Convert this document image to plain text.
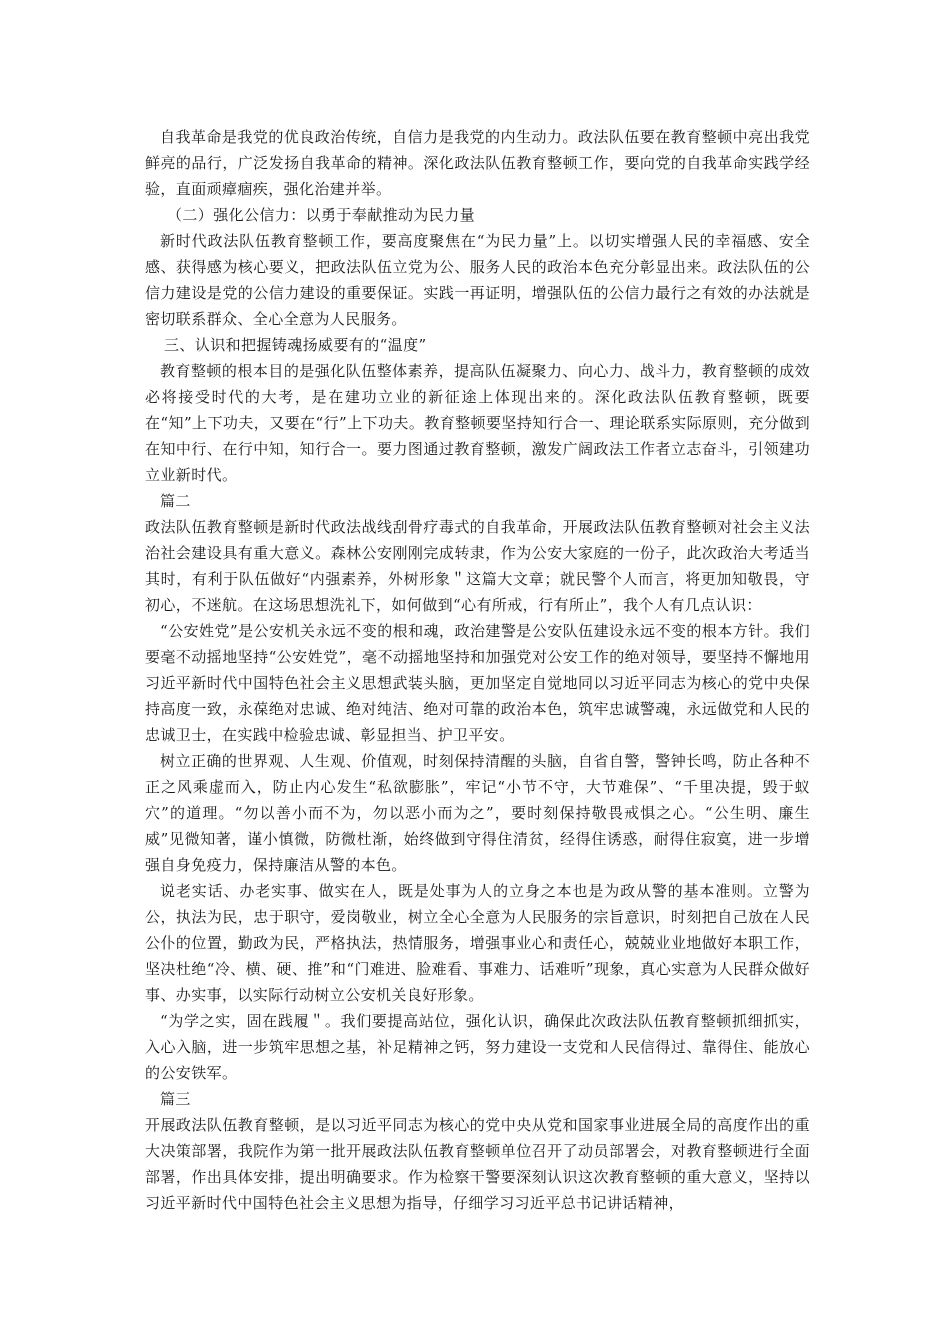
自我革命是我党的优良政治传统，自信力是我党的内生动力。政法队伍要在教育整顿中亮出我党鲜亮的品行，广泛发扬自我革命的精神。深化政法队伍教育整顿工作，要向党的自我革命实践学经验，直面顽瘴痼疾，强化治建并举。

（二）强化公信力：以勇于奉献推动为民力量

新时代政法队伍教育整顿工作，要高度聚焦在“为民力量”上。以切实增强人民的幸福感、安全感、获得感为核心要义，把政法队伍立党为公、服务人民的政治本色充分彰显出来。政法队伍的公信力建设是党的公信力建设的重要保证。实践一再证明，增强队伍的公信力最行之有效的办法就是密切联系群众、全心全意为人民服务。

三、认识和把握铸魂扬威要有的“温度”

教育整顿的根本目的是强化队伍整体素养，提高队伍凝聚力、向心力、战斗力，教育整顿的成效必将接受时代的大考，是在建功立业的新征途上体现出来的。深化政法队伍教育整顿，既要在“知”上下功夫，又要在“行”上下功夫。教育整顿要坚持知行合一、理论联系实际原则，充分做到在知中行、在行中知，知行合一。要力图通过教育整顿，激发广阔政法工作者立志奋斗，引领建功立业新时代。

篇二

政法队伍教育整顿是新时代政法战线刮骨疗毒式的自我革命，开展政法队伍教育整顿对社会主义法治社会建设具有重大意义。森林公安刚刚完成转隶，作为公安大家庭的一份子，此次政治大考适当其时，有利于队伍做好“内强素养，外树形象＂这篇大文章；就民警个人而言，将更加知敬畏，守初心，不迷航。在这场思想洗礼下，如何做到“心有所戒，行有所止”，我个人有几点认识：

“公安姓党”是公安机关永远不变的根和魂，政治建警是公安队伍建设永远不变的根本方针。我们要毫不动摇地坚持“公安姓党”，毫不动摇地坚持和加强党对公安工作的绝对领导，要坚持不懈地用习近平新时代中国特色社会主义思想武装头脑，更加坚定自觉地同以习近平同志为核心的党中央保持高度一致，永葆绝对忠诚、绝对纯洁、绝对可靠的政治本色，筑牢忠诚警魂，永远做党和人民的忠诚卫士，在实践中检验忠诚、彰显担当、护卫平安。

树立正确的世界观、人生观、价值观，时刻保持清醒的头脑，自省自警，警钟长鸣，防止各种不正之风乘虚而入，防止内心发生“私欲膨胀”，牢记“小节不守，大节难保”、“千里决提，毁于蚁穴”的道理。“勿以善小而不为，勿以恶小而为之”，要时刻保持敬畏戒惧之心。“公生明、廉生威”见微知著，谨小慎微，防微杜渐，始终做到守得住清贫，经得住诱惑，耐得住寂寞，进一步增强自身免疫力，保持廉洁从警的本色。

说老实话、办老实事、做实在人，既是处事为人的立身之本也是为政从警的基本准则。立警为公，执法为民，忠于职守，爱岗敬业，树立全心全意为人民服务的宗旨意识，时刻把自己放在人民公仆的位置，勤政为民，严格执法，热情服务，增强事业心和责任心，兢兢业业地做好本职工作，坚决杜绝“冷、横、硬、推”和“门难进、脸难看、事难力、话难听”现象，真心实意为人民群众做好事、办实事，以实际行动树立公安机关良好形象。

“为学之实，固在践履＂。我们要提高站位，强化认识，确保此次政法队伍教育整顿抓细抓实，入心入脑，进一步筑牢思想之基，补足精神之钙，努力建设一支党和人民信得过、靠得住、能放心的公安铁军。

篇三

开展政法队伍教育整顿，是以习近平同志为核心的党中央从党和国家事业进展全局的高度作出的重大决策部署，我院作为第一批开展政法队伍教育整顿单位召开了动员部署会，对教育整顿进行全面部署，作出具体安排，提出明确要求。作为检察干警要深刻认识这次教育整顿的重大意义，坚持以习近平新时代中国特色社会主义思想为指导，仔细学习习近平总书记讲话精神，
